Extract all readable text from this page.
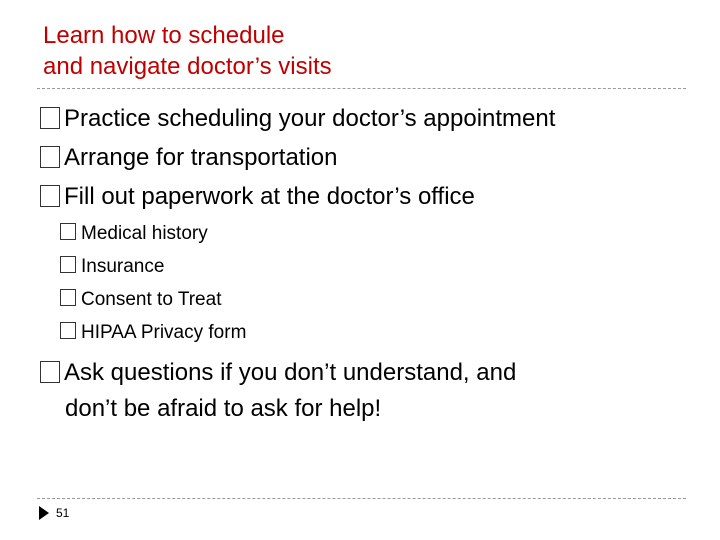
Learn how to schedule
and navigate doctor’s visits
Practice scheduling your doctor’s appointment
Arrange for transportation
Fill out paperwork at the doctor’s office
Medical history
Insurance
Consent to Treat
HIPAA Privacy form
Ask questions if you don’t understand, and
don’t be afraid to ask for help!
51
